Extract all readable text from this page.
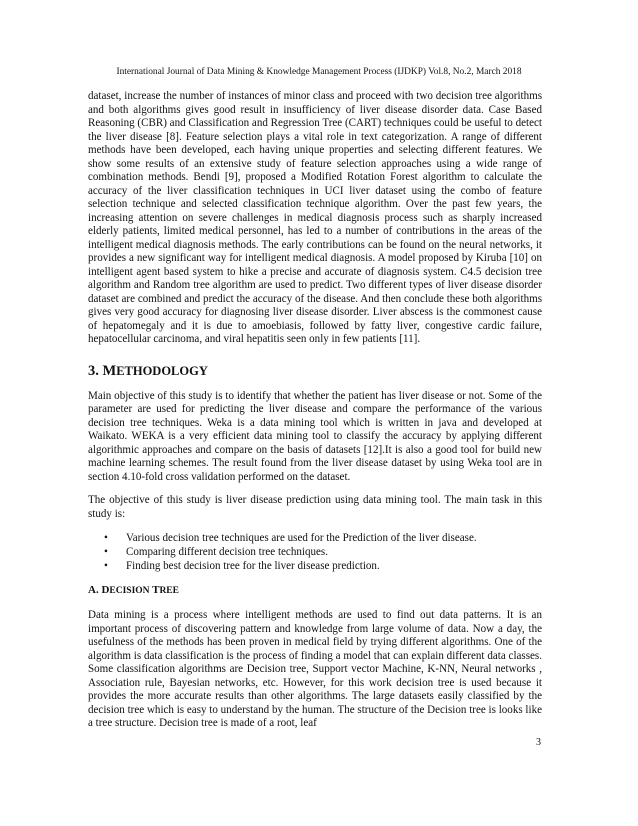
International Journal of Data Mining & Knowledge Management Process (IJDKP) Vol.8, No.2, March 2018

dataset, increase the number of instances of minor class and proceed with two decision tree algorithms and both algorithms gives good result in insufficiency of liver disease disorder data. Case Based Reasoning (CBR) and Classification and Regression Tree (CART) techniques could be useful to detect the liver disease [8]. Feature selection plays a vital role in text categorization. A range of different methods have been developed, each having unique properties and selecting different features. We show some results of an extensive study of feature selection approaches using a wide range of combination methods. Bendi [9], proposed a Modified Rotation Forest algorithm to calculate the accuracy of the liver classification techniques in UCI liver dataset using the combo of feature selection technique and selected classification technique algorithm. Over the past few years, the increasing attention on severe challenges in medical diagnosis process such as sharply increased elderly patients, limited medical personnel, has led to a number of contributions in the areas of the intelligent medical diagnosis methods. The early contributions can be found on the neural networks, it provides a new significant way for intelligent medical diagnosis. A model proposed by Kiruba [10] on intelligent agent based system to hike a precise and accurate of diagnosis system. C4.5 decision tree algorithm and Random tree algorithm are used to predict. Two different types of liver disease disorder dataset are combined and predict the accuracy of the disease. And then conclude these both algorithms gives very good accuracy for diagnosing liver disease disorder. Liver abscess is the commonest cause of hepatomegaly and it is due to amoebiasis, followed by fatty liver, congestive cardic failure, hepatocellular carcinoma, and viral hepatitis seen only in few patients [11].

3. METHODOLOGY

Main objective of this study is to identify that whether the patient has liver disease or not. Some of the parameter are used for predicting the liver disease and compare the performance of the various decision tree techniques. Weka is a data mining tool which is written in java and developed at Waikato. WEKA is a very efficient data mining tool to classify the accuracy by applying different algorithmic approaches and compare on the basis of datasets [12].It is also a good tool for build new machine learning schemes. The result found from the liver disease dataset by using Weka tool are in section 4.10-fold cross validation performed on the dataset.

The objective of this study is liver disease prediction using data mining tool. The main task in this study is:

• Various decision tree techniques are used for the Prediction of the liver disease.
• Comparing different decision tree techniques.
• Finding best decision tree for the liver disease prediction.
A. DECISION TREE

Data mining is a process where intelligent methods are used to find out data patterns. It is an important process of discovering pattern and knowledge from large volume of data. Now a day, the usefulness of the methods has been proven in medical field by trying different algorithms. One of the algorithm is data classification is the process of finding a model that can explain different data classes. Some classification algorithms are Decision tree, Support vector Machine, K-NN, Neural networks , Association rule, Bayesian networks, etc. However, for this work decision tree is used because it provides the more accurate results than other algorithms. The large datasets easily classified by the decision tree which is easy to understand by the human. The structure of the Decision tree is looks like a tree structure. Decision tree is made of a root, leaf

3
